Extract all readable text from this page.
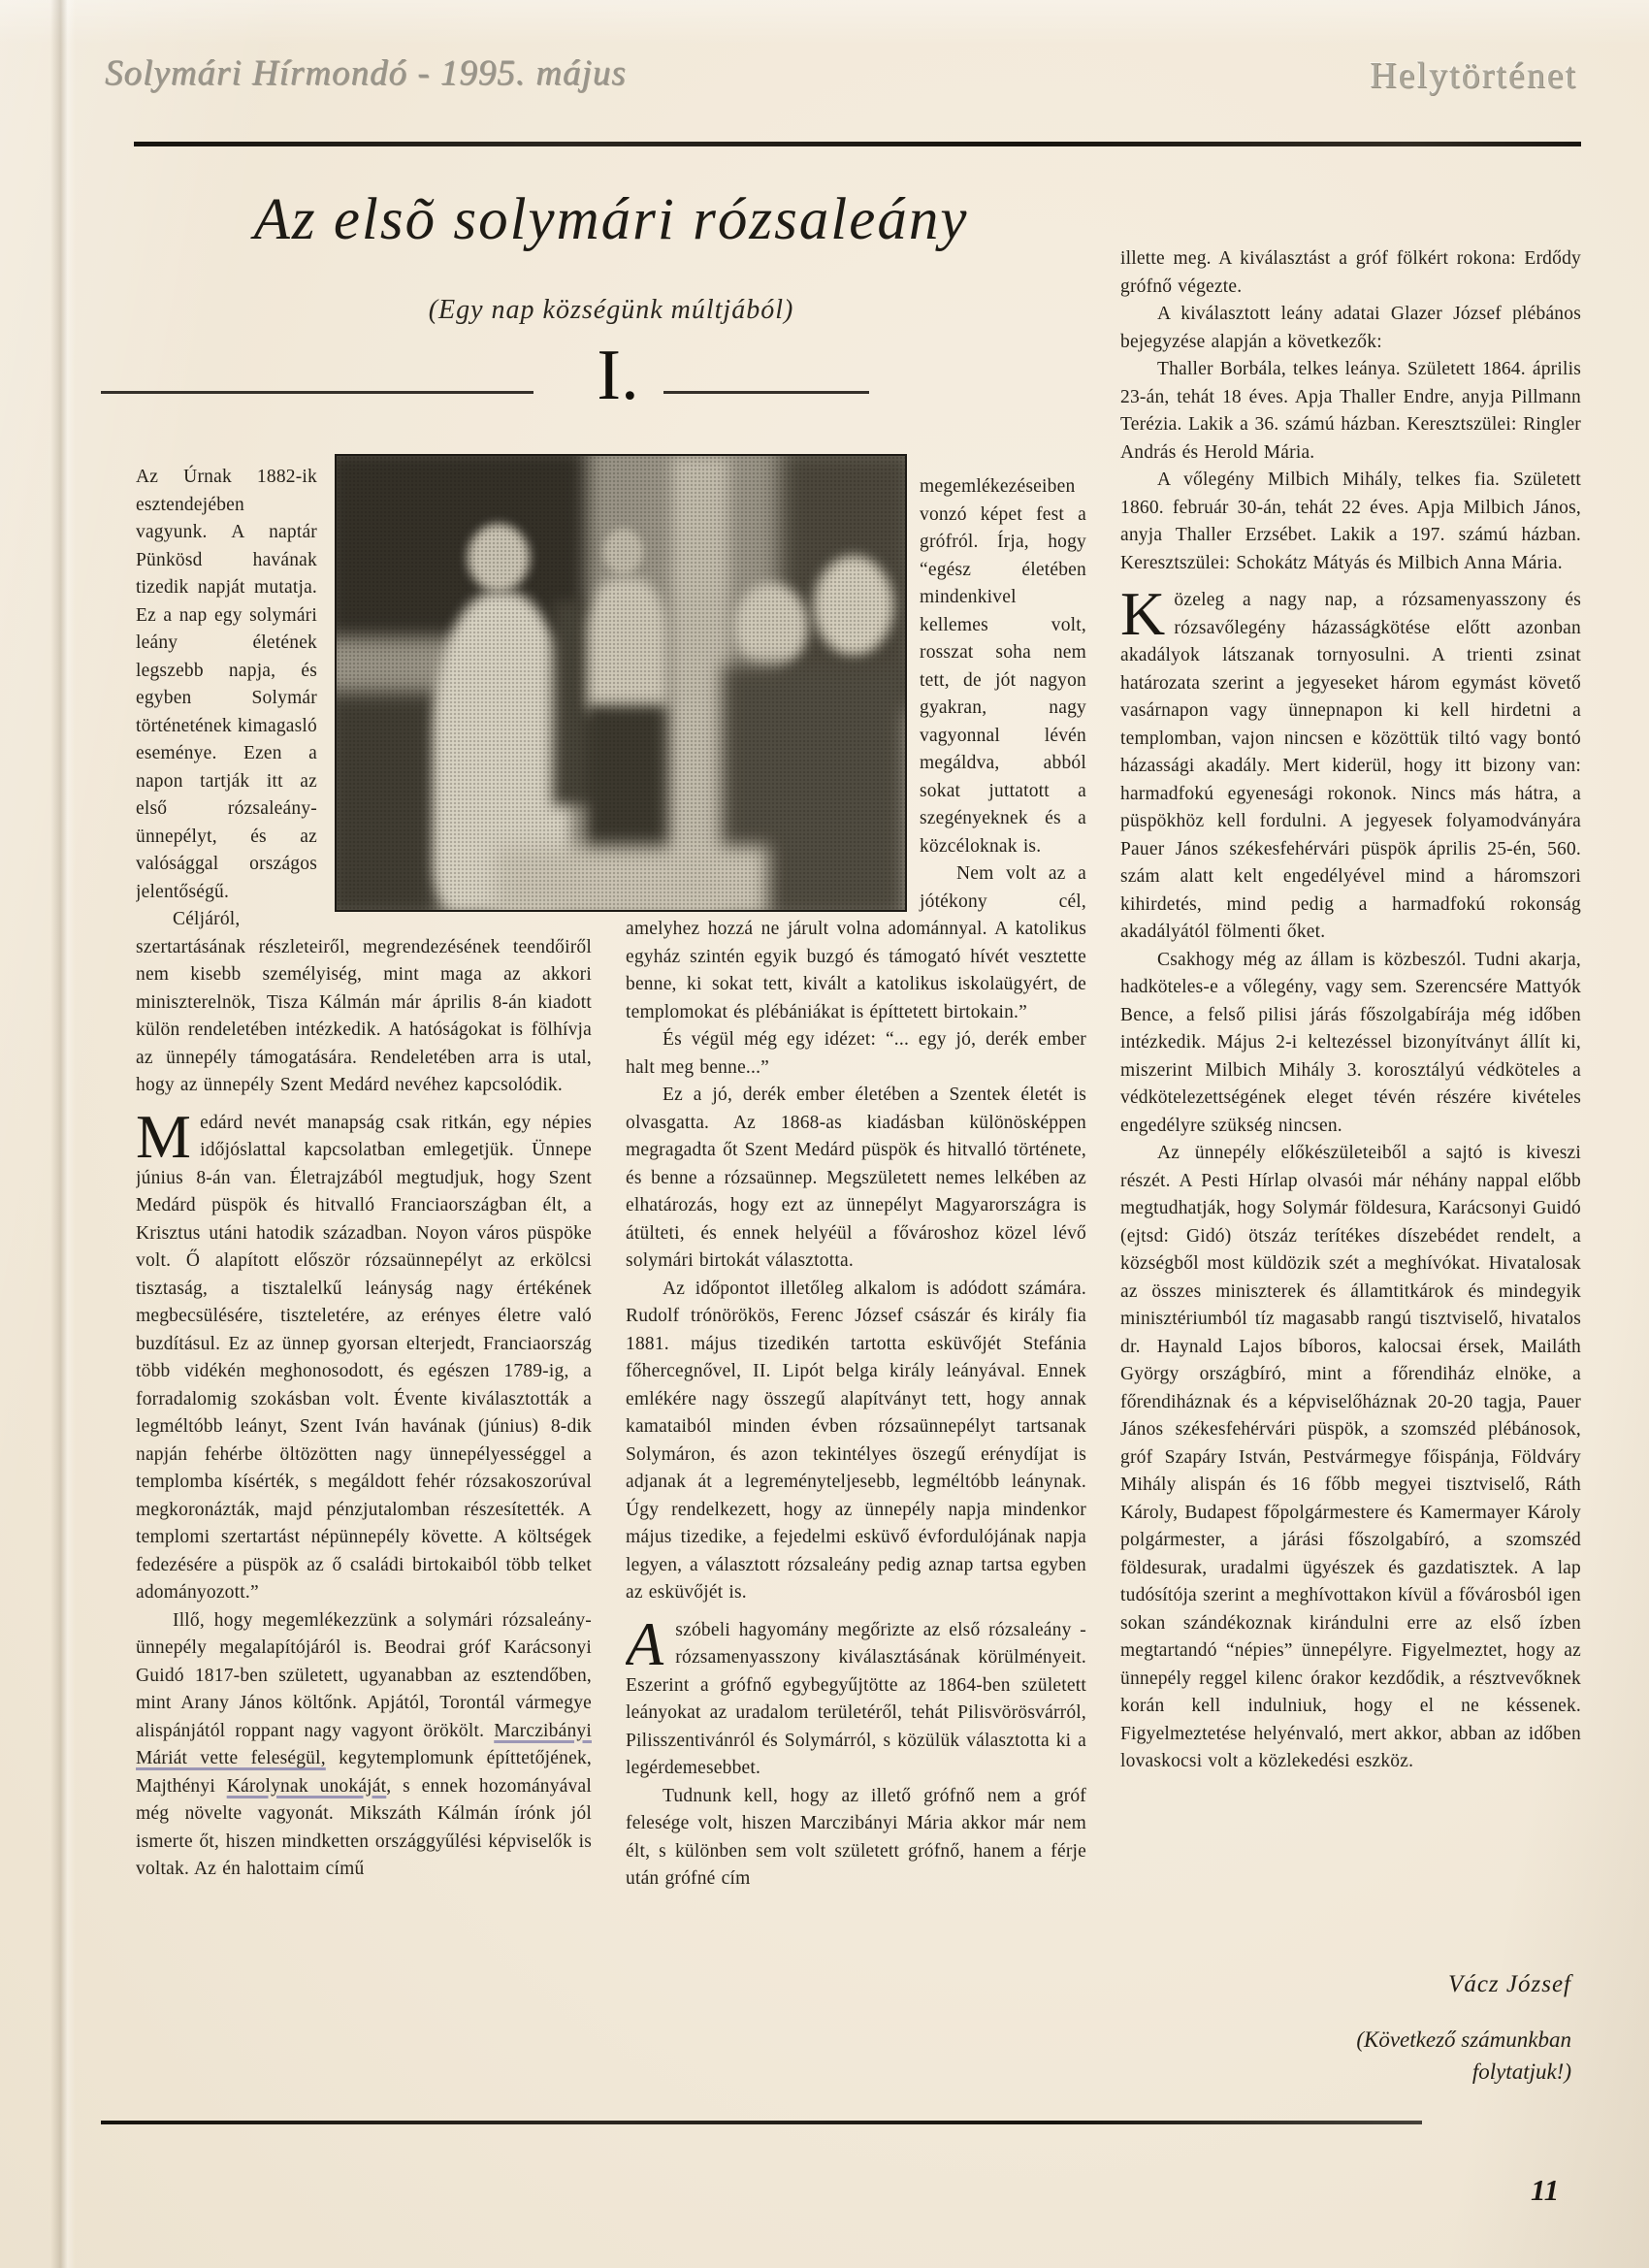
Solymári Hírmondó - 1995. május	Helytörténet
Az elsõ solymári rózsaleány
(Egy nap községünk múltjából)
I.

Az Úrnak 1882-ik esztendejében vagyunk. A naptár Pünkösd havának tizedik napját mutatja. Ez a nap egy solymári leány életének legszebb napja, és egyben Solymár történetének kimagasló eseménye. Ezen a napon tartják itt az első rózsaleány-ünnepélyt, és az valósággal országos jelentőségű.

Céljáról, szertartásának részleteiről, megrendezésének teendőiről nem kisebb személyiség, mint maga az akkori miniszterelnök, Tisza Kálmán már április 8-án kiadott külön rendeletében intézkedik. A hatóságokat is fölhívja az ünnepély támogatására. Rendeletében arra is utal, hogy az ünnepély Szent Medárd nevéhez kapcsolódik.

Medárd nevét manapság csak ritkán, egy népies időjóslattal kapcsolatban emlegetjük. Ünnepe június 8-án van. Életrajzából megtudjuk, hogy Szent Medárd püspök és hitvalló Franciaországban élt, a Krisztus utáni hatodik században. Noyon város püspöke volt. Ő alapított először rózsaünnepélyt az erkölcsi tisztaság, a tisztalelkű leányság nagy értékének megbecsülésére, tiszteletére, az erényes életre való buzdításul. Ez az ünnep gyorsan elterjedt, Franciaország több vidékén meghonosodott, és egészen 1789-ig, a forradalomig szokásban volt. Évente kiválasztották a legméltóbb leányt, Szent Iván havának (június) 8-dik napján fehérbe öltözötten nagy ünnepélyességgel a templomba kísérték, s megáldott fehér rózsakoszorúval megkoronázták, majd pénzjutalomban részesítették. A templomi szertartást népünnepély követte. A költségek fedezésére a püspök az ő családi birtokaiból több telket adományozott.”

Illő, hogy megemlékezzünk a solymári rózsaleány-ünnepély megalapítójáról is. Beodrai gróf Karácsonyi Guidó 1817-ben született, ugyanabban az esztendőben, mint Arany János költőnk. Apjától, Torontál vármegye alispánjától roppant nagy vagyont örökölt. Marczibányi Máriát vette feleségül, kegytemplomunk építtetőjének, Majthényi Károlynak unokáját, s ennek hozományával még növelte vagyonát. Mikszáth Kálmán írónk jól ismerte őt, hiszen mindketten országgyűlési képviselők is voltak. Az én halottaim című

megemlékezéseiben vonzó képet fest a grófról. Írja, hogy “egész életében mindenkivel kellemes volt, rosszat soha nem tett, de jót nagyon gyakran, nagy vagyonnal lévén megáldva, abból sokat juttatott a szegényeknek és a közcéloknak is.

Nem volt az a jótékony cél, amelyhez hozzá ne járult volna adománnyal. A katolikus egyház szintén egyik buzgó és támogató hívét vesztette benne, ki sokat tett, kivált a katolikus iskolaügyért, de templomokat és plébániákat is építtetett birtokain.”

És végül még egy idézet: “... egy jó, derék ember halt meg benne...”

Ez a jó, derék ember életében a Szentek életét is olvasgatta. Az 1868-as kiadásban különösképpen megragadta őt Szent Medárd püspök és hitvalló története, és benne a rózsaünnep. Megszületett nemes lelkében az elhatározás, hogy ezt az ünnepélyt Magyarországra is átülteti, és ennek helyéül a fővároshoz közel lévő solymári birtokát választotta.

Az időpontot illetőleg alkalom is adódott számára. Rudolf trónörökös, Ferenc József császár és király fia 1881. május tizedikén tartotta esküvőjét Stefánia főhercegnővel, II. Lipót belga király leányával. Ennek emlékére nagy összegű alapítványt tett, hogy annak kamataiból minden évben rózsaünnepélyt tartsanak Solymáron, és azon tekintélyes öszegű erénydíjat is adjanak át a legreményteljesebb, legméltóbb leánynak. Úgy rendelkezett, hogy az ünnepély napja mindenkor május tizedike, a fejedelmi esküvő évfordulójának napja legyen, a választott rózsaleány pedig aznap tartsa egyben az esküvőjét is.

Aszóbeli hagyomány megőrizte az első rózsaleány - rózsamenyasszony kiválasztásának körülményeit. Eszerint a grófnő egybegyűjtötte az 1864-ben született leányokat az uradalom területéről, tehát Pilisvörösvárról, Pilisszentivánról és Solymárról, s közülük választotta ki a legérdemesebbet.

Tudnunk kell, hogy az illető grófnő nem a gróf felesége volt, hiszen Marczibányi Mária akkor már nem élt, s különben sem volt született grófnő, hanem a férje után grófné cím

illette meg. A kiválasztást a gróf fölkért rokona: Erdődy grófnő végezte.

A kiválasztott leány adatai Glazer József plébános bejegyzése alapján a következők:

Thaller Borbála, telkes leánya. Született 1864. április 23-án, tehát 18 éves. Apja Thaller Endre, anyja Pillmann Terézia. Lakik a 36. számú házban. Keresztszülei: Ringler András és Herold Mária.

A vőlegény Milbich Mihály, telkes fia. Született 1860. február 30-án, tehát 22 éves. Apja Milbich János, anyja Thaller Erzsébet. Lakik a 197. számú házban. Keresztszülei: Schokátz Mátyás és Milbich Anna Mária.

Közeleg a nagy nap, a rózsamenyasszony és rózsavőlegény házasságkötése előtt azonban akadályok látszanak tornyosulni. A trienti zsinat határozata szerint a jegyeseket három egymást követő vasárnapon vagy ünnepnapon ki kell hirdetni a templomban, vajon nincsen e közöttük tiltó vagy bontó házassági akadály. Mert kiderül, hogy itt bizony van: harmadfokú egyenesági rokonok. Nincs más hátra, a püspökhöz kell fordulni. A jegyesek folyamodványára Pauer János székesfehérvári püspök április 25-én, 560. szám alatt kelt engedélyével mind a háromszori kihirdetés, mind pedig a harmadfokú rokonság akadályától fölmenti őket.

Csakhogy még az állam is közbeszól. Tudni akarja, hadköteles-e a vőlegény, vagy sem. Szerencsére Mattyók Bence, a felső pilisi járás főszolgabírája még időben intézkedik. Május 2-i keltezéssel bizonyítványt állít ki, miszerint Milbich Mihály 3. korosztályú védköteles a védkötelezettségének eleget tévén részére kivételes engedélyre szükség nincsen.

Az ünnepély előkészületeiből a sajtó is kiveszi részét. A Pesti Hírlap olvasói már néhány nappal előbb megtudhatják, hogy Solymár földesura, Karácsonyi Guidó (ejtsd: Gidó) ötszáz terítékes díszebédet rendelt, a községből most küldözik szét a meghívókat. Hivatalosak az összes miniszterek és államtitkárok és mindegyik minisztériumból tíz magasabb rangú tisztviselő, hivatalos dr. Haynald Lajos bíboros, kalocsai érsek, Mailáth György országbíró, mint a főrendiház elnöke, a főrendiháznak és a képviselőháznak 20-20 tagja, Pauer János székesfehérvári püspök, a szomszéd plébánosok, gróf Szapáry István, Pestvármegye főispánja, Földváry Mihály alispán és 16 főbb megyei tisztviselő, Ráth Károly, Budapest főpolgármestere és Kamermayer Károly polgármester, a járási főszolgabíró, a szomszéd földesurak, uradalmi ügyészek és gazdatisztek. A lap tudósítója szerint a meghívottakon kívül a fővárosból igen sokan szándékoznak kirándulni erre az első ízben megtartandó “népies” ünnepélyre. Figyelmeztet, hogy az ünnepély reggel kilenc órakor kezdődik, a résztvevőknek korán kell indulniuk, hogy el ne késsenek. Figyelmeztetése helyénvaló, mert akkor, abban az időben lovaskocsi volt a közlekedési eszköz.

Vácz József
(Következő számunkban folytatjuk!)
11
